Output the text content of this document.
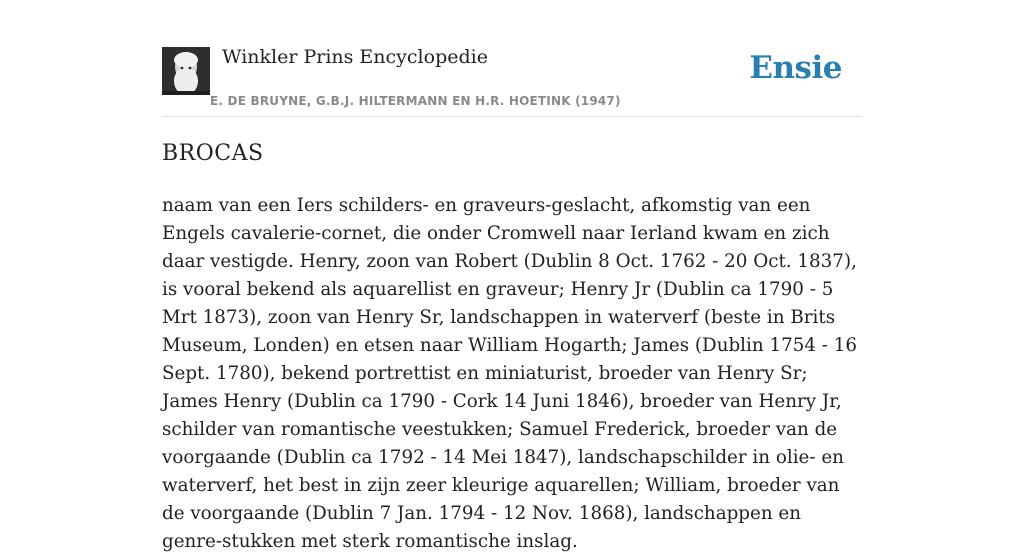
Winkler Prins Encyclopedie
E. DE BRUYNE, G.B.J. HILTERMANN EN H.R. HOETINK (1947)
Ensie
BROCAS

naam van een Iers schilders- en graveurs-geslacht, afkomstig van een Engels cavalerie-cornet, die onder Cromwell naar Ierland kwam en zich daar vestigde. Henry, zoon van Robert (Dublin 8 Oct. 1762 - 20 Oct. 1837), is vooral bekend als aquarellist en graveur; Henry Jr (Dublin ca 1790 - 5 Mrt 1873), zoon van Henry Sr, landschappen in waterverf (beste in Brits Museum, Londen) en etsen naar William Hogarth; James (Dublin 1754 - 16 Sept. 1780), bekend portrettist en miniaturist, broeder van Henry Sr; James Henry (Dublin ca 1790 - Cork 14 Juni 1846), broeder van Henry Jr, schilder van romantische veestukken; Samuel Frederick, broeder van de voorgaande (Dublin ca 1792 - 14 Mei 1847), landschapschilder in olie- en waterverf, het best in zijn zeer kleurige aquarellen; William, broeder van de voorgaande (Dublin 7 Jan. 1794 - 12 Nov. 1868), landschappen en genre-stukken met sterk romantische inslag.
